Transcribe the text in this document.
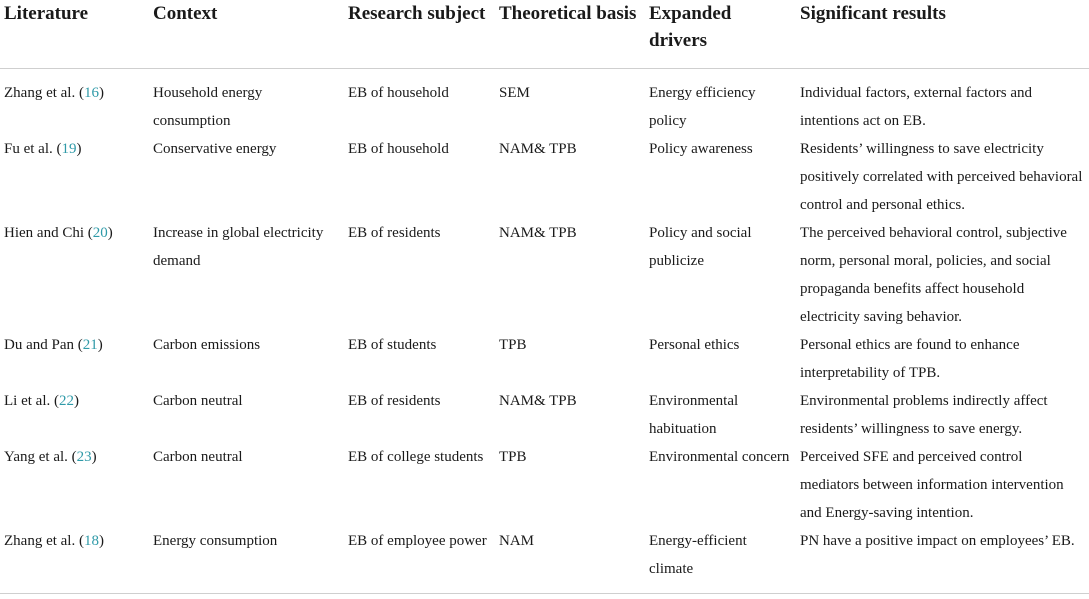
Literature	Context	Research subject	Theoretical basis	Expanded drivers	Significant results
Zhang et al. (16)	Household energy consumption	EB of household	SEM	Energy efficiency policy	Individual factors, external factors and intentions act on EB.
Fu et al. (19)	Conservative energy	EB of household	NAM& TPB	Policy awareness	Residents’ willingness to save electricity positively correlated with perceived behavioral control and personal ethics.
Hien and Chi (20)	Increase in global electricity demand	EB of residents	NAM& TPB	Policy and social publicize	The perceived behavioral control, subjective norm, personal moral, policies, and social propaganda benefits affect household electricity saving behavior.
Du and Pan (21)	Carbon emissions	EB of students	TPB	Personal ethics	Personal ethics are found to enhance interpretability of TPB.
Li et al. (22)	Carbon neutral	EB of residents	NAM& TPB	Environmental habituation	Environmental problems indirectly affect residents’ willingness to save energy.
Yang et al. (23)	Carbon neutral	EB of college students	TPB	Environmental concern	Perceived SFE and perceived control mediators between information intervention and Energy-saving intention.
Zhang et al. (18)	Energy consumption	EB of employee power	NAM	Energy-efficient climate	PN have a positive impact on employees’ EB.
